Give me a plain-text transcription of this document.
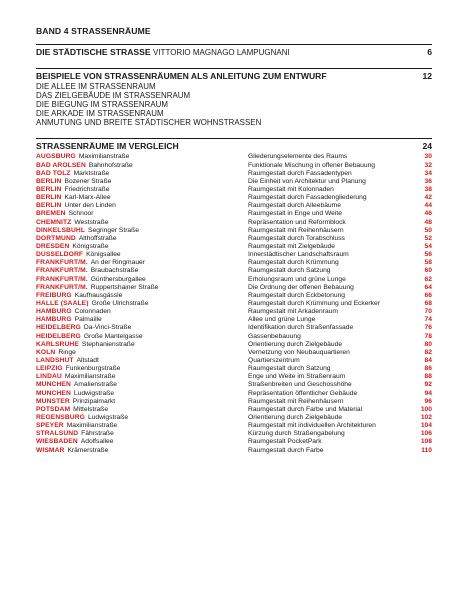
BAND 4 STRASSENRÄUME
DIE STÄDTISCHE STRASSE VITTORIO MAGNAGO LAMPUGNANI	6
BEISPIELE VON STRASSENRÄUMEN ALS ANLEITUNG ZUM ENTWURF	12
DIE ALLEE IM STRASSENRAUM
DAS ZIELGEBÄUDE IM STRASSENRAUM
DIE BIEGUNG IM STRASSENRAUM
DIE ARKADE IM STRASSENRAUM
ANMUTUNG UND BREITE STÄDTISCHER WOHNSTRASSEN
STRASSENRÄUME IM VERGLEICH	24
AUGSBURG Maximilianstraße	Gliederungselemente des Raums	30
BAD AROLSEN Bahnhofstraße	Funktionale Mischung in offener Bebauung	32
BAD TÖLZ Marktstraße	Raumgestalt durch Fassadentypen	34
BERLIN Bozener Straße	Die Einheit von Architektur und Planung	36
BERLIN Friedrichstraße	Raumgestalt mit Kolonnaden	38
BERLIN Karl-Marx-Allee	Raumgestalt durch Fassadengliederung	42
BERLIN Unter den Linden	Raumgestalt durch Alleebäume	44
BREMEN Schnoor	Raumgestalt in Enge und Weite	46
CHEMNITZ Weststraße	Repräsentation und Reformblock	48
DINKELSBÜHL Segringer Straße	Raumgestalt mit Reihenhäusern	50
DORTMUND Althoffstraße	Raumgestalt durch Torabschluss	52
DRESDEN Königstraße	Raumgestalt mit Zielgebäude	54
DÜSSELDORF Königsallee	Innerstädtischer Landschaftsraum	56
FRANKFURT/M. An der Ringmauer	Raumgestalt durch Krümmung	58
FRANKFURT/M. Braubachstraße	Raumgestalt durch Satzung	60
FRANKFURT/M. Günthersburgallee	Erholungsraum und grüne Lunge	62
FRANKFURT/M. Ruppertshainer Straße	Die Ordnung der offenen Bebauung	64
FREIBURG Kaufhausgässle	Raumgestalt durch Eckbetonung	66
HALLE (SAALE) Große Ulrichstraße	Raumgestalt durch Krümmung und Eckerker	68
HAMBURG Colonnaden	Raumgestalt mit Arkadenraum	70
HAMBURG Palmaille	Allee und grüne Lunge	74
HEIDELBERG Da-Vinci-Straße	Identifikation durch Straßenfassade	76
HEIDELBERG Große Mantelgasse	Gassenbebauung	78
KARLSRUHE Stephanienstraße	Orientierung durch Zielgebäude	80
KÖLN Ringe	Vernetzung von Neubauquartieren	82
LANDSHUT Altstadt	Quartierszentrum	84
LEIPZIG Funkenburgstraße	Raumgestalt durch Satzung	86
LINDAU Maximilianstraße	Enge und Weite im Straßenraum	88
MÜNCHEN Amalienstraße	Straßenbreiten und Geschosshöhe	92
MÜNCHEN Ludwigstraße	Repräsentation öffentlicher Gebäude	94
MÜNSTER Prinzipalmarkt	Raumgestalt mit Reihenhäusern	96
POTSDAM Mittelstraße	Raumgestalt durch Farbe und Material	100
REGENSBURG Ludwigstraße	Orientierung durch Zielgebäude	102
SPEYER Maximilianstraße	Raumgestalt mit individuellen Architekturen	104
STRALSUND Fährstraße	Kürzung durch Straßengabelung	106
WIESBADEN Adolfsallee	Raumgestalt PocketPark	108
WISMAR Krämerstraße	Raumgestalt durch Farbe	110
